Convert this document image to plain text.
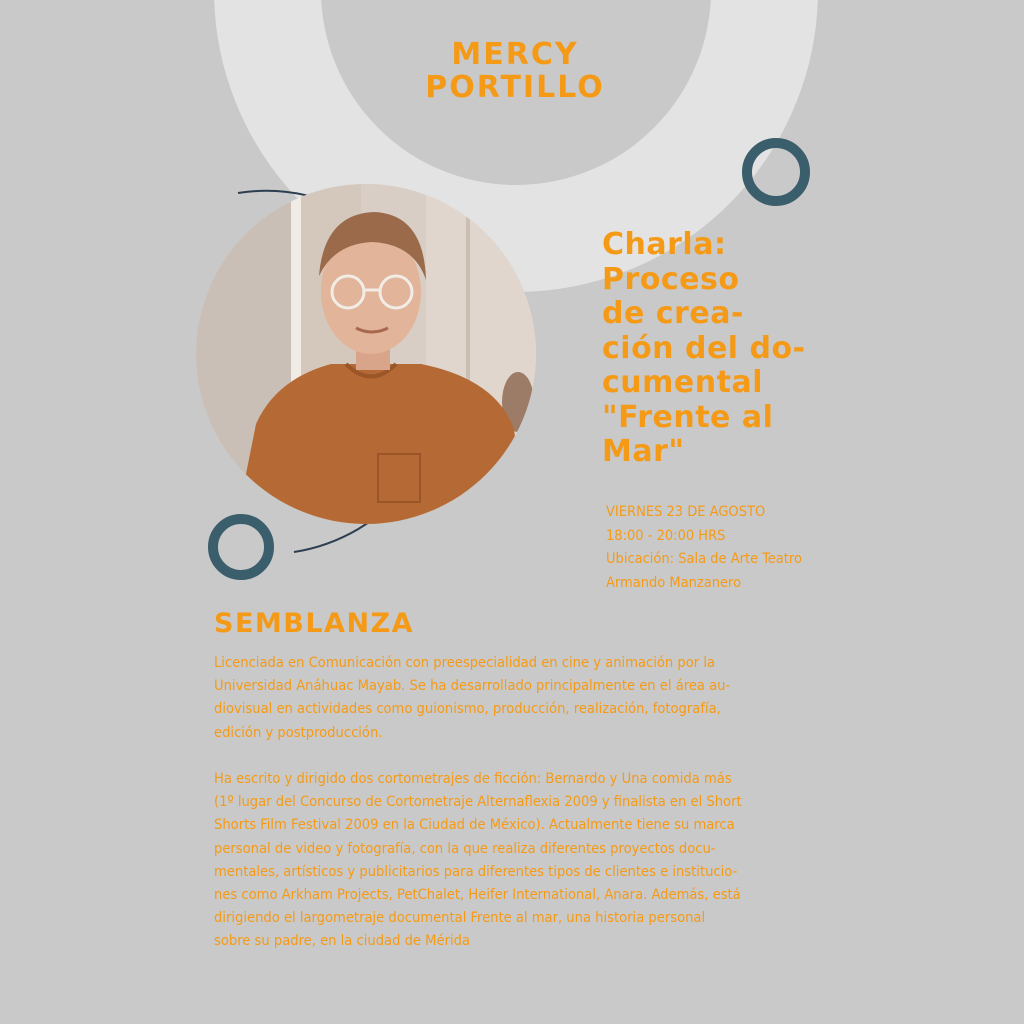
MERCY
PORTILLO
Charla:
Proceso
de crea-
ción del do-
cumental
"Frente al
Mar"
VIERNES 23 DE AGOSTO
18:00 - 20:00 HRS
Ubicación: Sala de Arte Teatro
Armando Manzanero
SEMBLANZA
Licenciada en Comunicación con preespecialidad en cine y animación por la
Universidad Anáhuac Mayab. Se ha desarrollado principalmente en el área au-
diovisual en actividades como guionismo, producción, realización, fotografía,
edición y postproducción.
Ha escrito y dirigido dos cortometrajes de ficción: Bernardo y Una comida más
(1º lugar del Concurso de Cortometraje Alternaflexia 2009 y finalista en el Short
Shorts Film Festival 2009 en la Ciudad de México). Actualmente tiene su marca
personal de video y fotografía, con la que realiza diferentes proyectos docu-
mentales, artísticos y publicitarios para diferentes tipos de clientes e institucio-
nes como Arkham Projects, PetChalet, Heifer International, Anara. Además, está
dirigiendo el largometraje documental Frente al mar, una historia personal
sobre su padre, en la ciudad de Mérida
